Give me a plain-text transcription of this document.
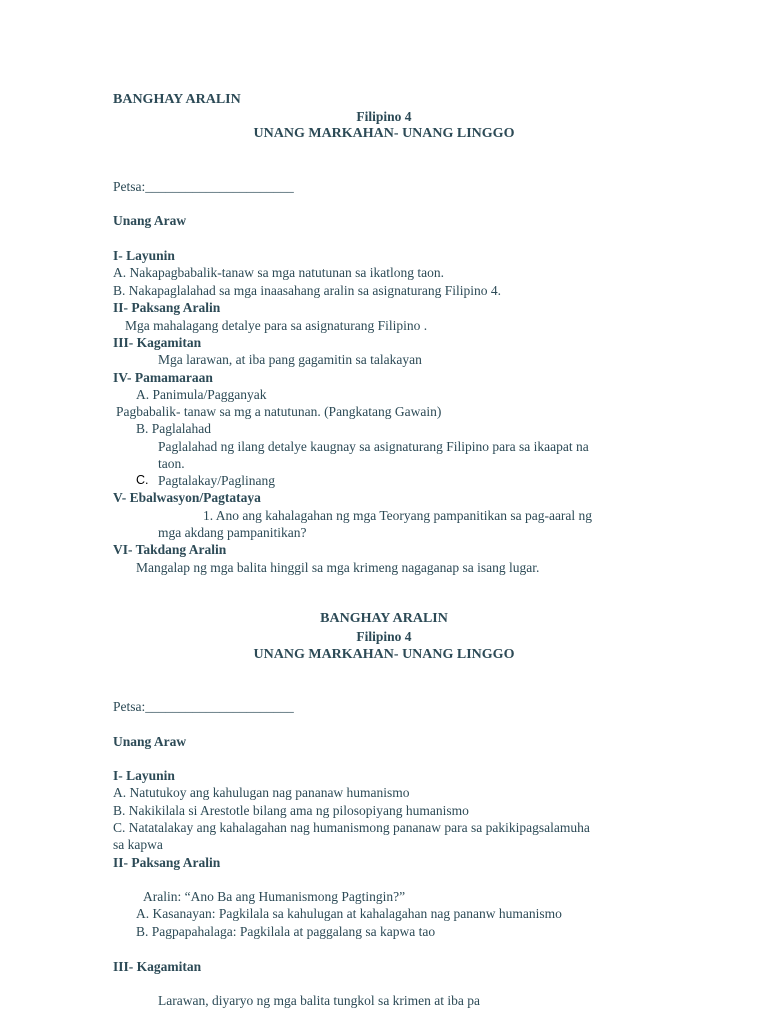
BANGHAY ARALIN
Filipino 4
UNANG MARKAHAN- UNANG LINGGO
Petsa:______________________
Unang Araw
I- Layunin
A. Nakapagbabalik-tanaw sa mga natutunan sa ikatlong taon.
B. Nakapaglalahad sa mga inaasahang aralin sa asignaturang Filipino 4.
II- Paksang Aralin
Mga mahalagang detalye para sa asignaturang Filipino .
III- Kagamitan
Mga larawan, at iba pang gagamitin sa talakayan
IV- Pamamaraan
A. Panimula/Pagganyak
Pagbabalik- tanaw sa mg a natutunan. (Pangkatang Gawain)
B. Paglalahad
Paglalahad ng ilang detalye kaugnay sa asignaturang Filipino para sa ikaapat na
taon.
C. Pagtalakay/Paglinang
V- Ebalwasyon/Pagtataya
1. Ano ang kahalagahan ng mga Teoryang pampanitikan sa pag-aaral ng
mga akdang pampanitikan?
VI- Takdang Aralin
Mangalap ng mga balita hinggil sa mga krimeng nagaganap sa isang lugar.
BANGHAY ARALIN
Filipino 4
UNANG MARKAHAN- UNANG LINGGO
Petsa:______________________
Unang Araw
I- Layunin
A. Natutukoy ang kahulugan nag pananaw humanismo
B. Nakikilala si Arestotle bilang ama ng pilosopiyang humanismo
C. Natatalakay ang kahalagahan nag humanismong pananaw para sa pakikipagsalamuha
sa kapwa
II- Paksang Aralin
Aralin: “Ano Ba ang Humanismong Pagtingin?”
A. Kasanayan: Pagkilala sa kahulugan at kahalagahan nag pananw humanismo
B. Pagpapahalaga: Pagkilala at paggalang sa kapwa tao
III- Kagamitan
Larawan, diyaryo ng mga balita tungkol sa krimen at iba pa
